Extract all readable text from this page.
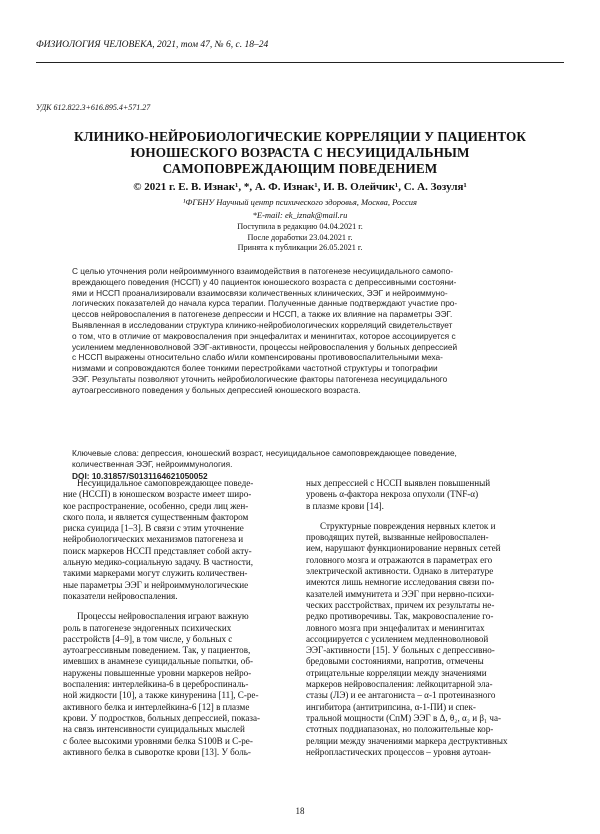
ФИЗИОЛОГИЯ ЧЕЛОВЕКА, 2021, том 47, № 6, с. 18–24
УДК 612.822.3+616.895.4+571.27
КЛИНИКО-НЕЙРОБИОЛОГИЧЕСКИЕ КОРРЕЛЯЦИИ У ПАЦИЕНТОК
ЮНОШЕСКОГО ВОЗРАСТА С НЕСУИЦИДАЛЬНЫМ
САМОПОВРЕЖДАЮЩИМ ПОВЕДЕНИЕМ
© 2021 г. Е. В. Изнак¹, *, А. Ф. Изнак¹, И. В. Олейчик¹, С. А. Зозуля¹
¹ФГБНУ Научный центр психического здоровья, Москва, Россия
*E-mail: ek_iznak@mail.ru
Поступила в редакцию 04.04.2021 г.
После доработки 23.04.2021 г.
Принята к публикации 26.05.2021 г.
С целью уточнения роли нейроиммунного взаимодействия в патогенезе несуицидального самопо-
вреждающего поведения (НССП) у 40 пациенток юношеского возраста с депрессивными состояни-
ями и НССП проанализировали взаимосвязи количественных клинических, ЭЭГ и нейроиммуно-
логических показателей до начала курса терапии. Полученные данные подтверждают участие про-
цессов нейровоспаления в патогенезе депрессии и НССП, а также их влияние на параметры ЭЭГ.
Выявленная в исследовании структура клинико-нейробиологических корреляций свидетельствует
о том, что в отличие от макровоспаления при энцефалитах и менингитах, которое ассоциируется с
усилением медленноволновой ЭЭГ-активности, процессы нейровоспаления у больных депрессией
с НССП выражены относительно слабо и/или компенсированы противовоспалительными меха-
низмами и сопровождаются более тонкими перестройками частотной структуры и топографии
ЭЭГ. Результаты позволяют уточнить нейробиологические факторы патогенеза несуицидального
аутоагрессивного поведения у больных депрессией юношеского возраста.
Ключевые слова: депрессия, юношеский возраст, несуицидальное самоповреждающее поведение,
количественная ЭЭГ, нейроиммунология.
DOI: 10.31857/S0131164621050052
Несуицидальное самоповреждающее поведе-
ние (НССП) в юношеском возрасте имеет широ-
кое распространение, особенно, среди лиц жен-
ского пола, и является существенным фактором
риска суицида [1–3]. В связи с этим уточнение
нейробиологических механизмов патогенеза и
поиск маркеров НССП представляет собой акту-
альную медико-социальную задачу. В частности,
такими маркерами могут служить количествен-
ные параметры ЭЭГ и нейроиммунологические
показатели нейровоспаления.
Процессы нейровоспаления играют важную
роль в патогенезе эндогенных психических
расстройств [4–9], в том числе, у больных с
аутоагрессивным поведением. Так, у пациентов,
имевших в анамнезе суицидальные попытки, об-
наружены повышенные уровни маркеров нейро-
воспаления: интерлейкина-6 в цереброспиналь-
ной жидкости [10], а также кинуренина [11], С-ре-
активного белка и интерлейкина-6 [12] в плазме
крови. У подростков, больных депрессией, показа-
на связь интенсивности суицидальных мыслей
с более высокими уровнями белка S100B и С-ре-
активного белка в сыворотке крови [13]. У боль-
ных депрессией с НССП выявлен повышенный
уровень α-фактора некроза опухоли (TNF-α)
в плазме крови [14].
Структурные повреждения нервных клеток и
проводящих путей, вызванные нейровоспален-
ием, нарушают функционирование нервных сетей
головного мозга и отражаются в параметрах его
электрической активности. Однако в литературе
имеются лишь немногие исследования связи по-
казателей иммунитета и ЭЭГ при нервно-психи-
ческих расстройствах, причем их результаты не-
редко противоречивы. Так, макровоспаление го-
ловного мозга при энцефалитах и менингитах
ассоциируется с усилением медленноволновой
ЭЭГ-активности [15]. У больных с депрессивно-
бредовыми состояниями, напротив, отмечены
отрицательные корреляции между значениями
маркеров нейровоспаления: лейкоцитарной эла-
стазы (ЛЭ) и ее антагониста – α-1 протеиназного
ингибитора (антитрипсина, α-1-ПИ) и спек-
тральной мощности (СпМ) ЭЭГ в Δ, θ₂, α₂ и β₁ ча-
стотных поддиапазонах, но положительные кор-
реляции между значениями маркера деструктивных
нейропластических процессов – уровня аутоан-
18
